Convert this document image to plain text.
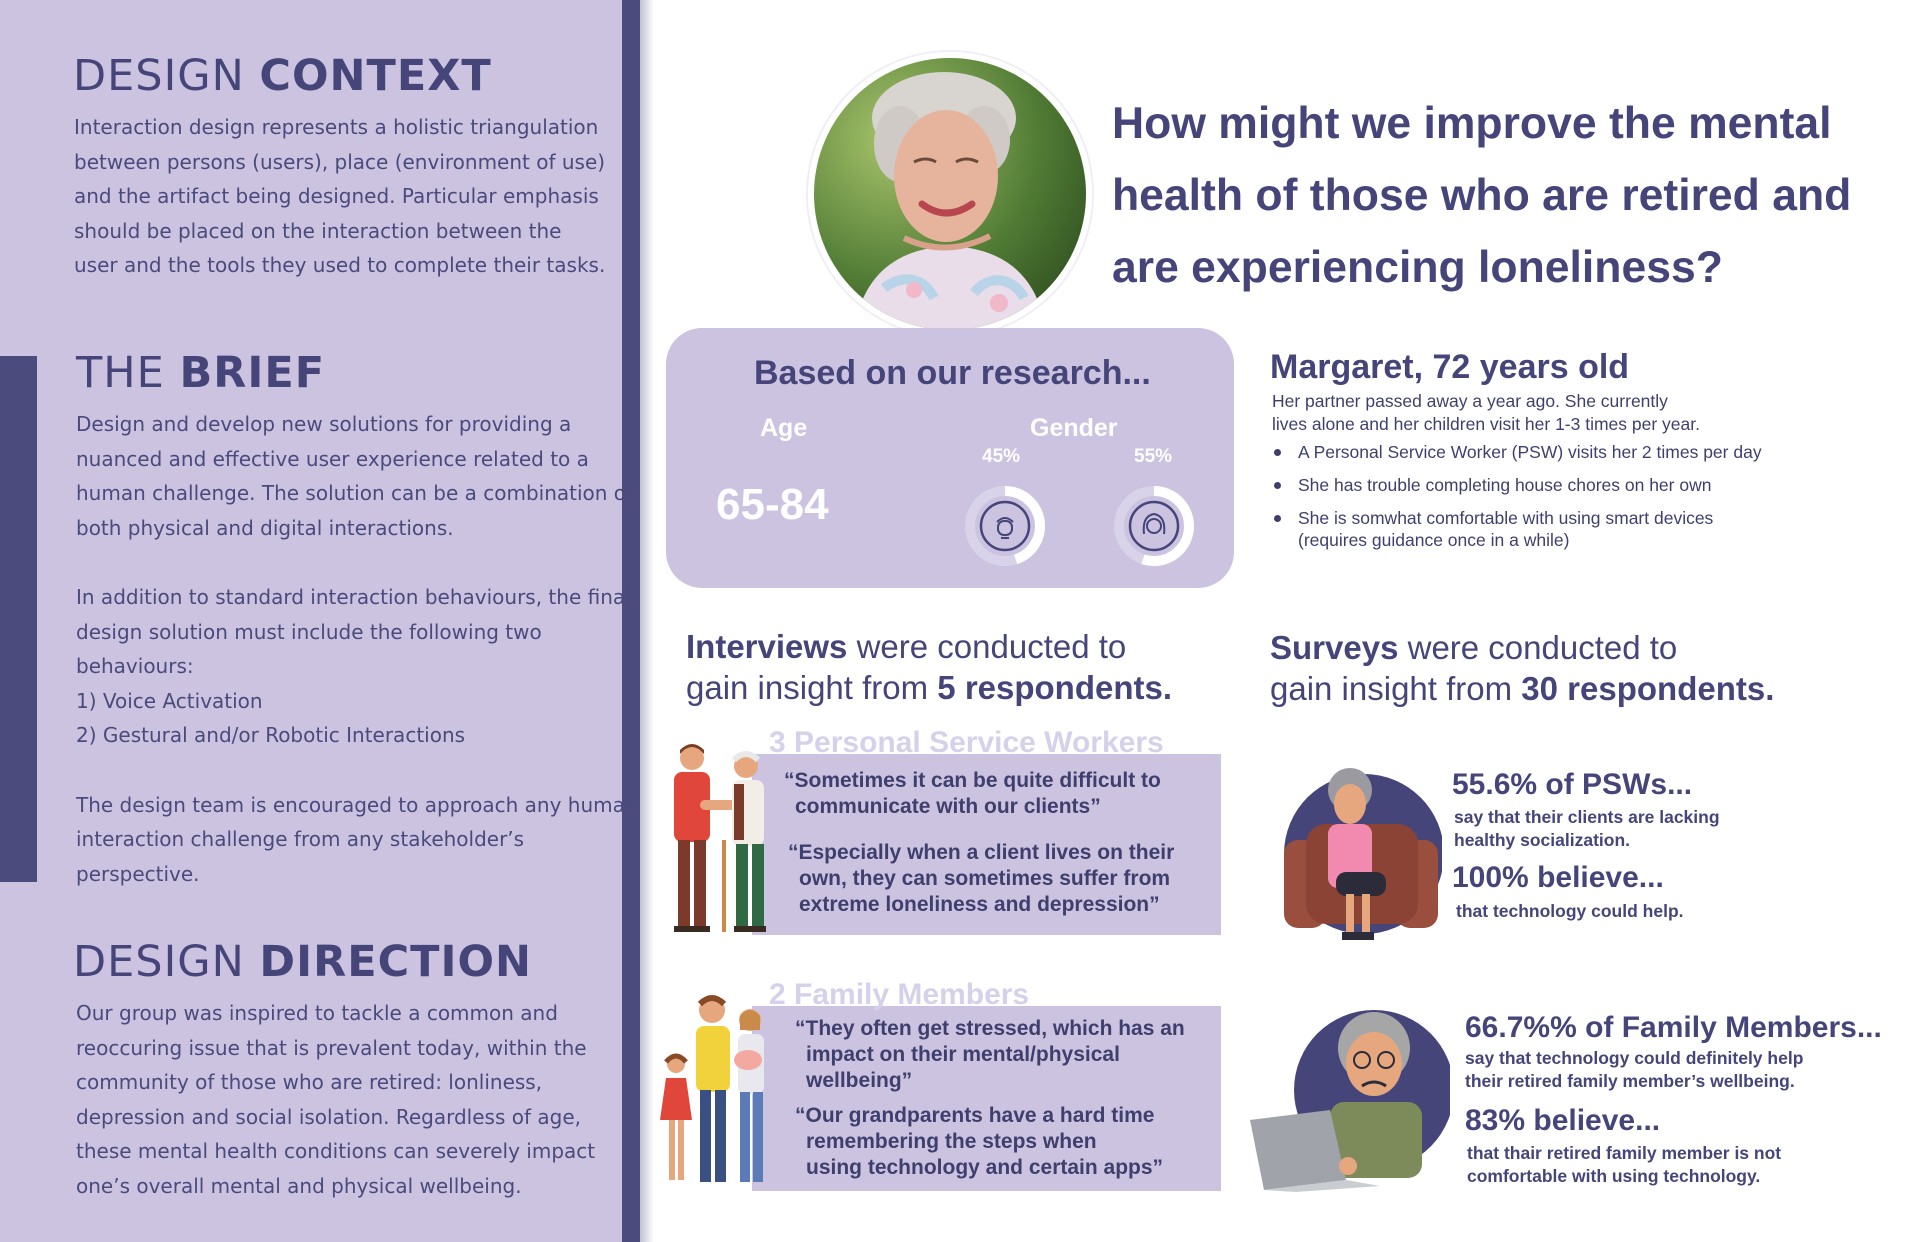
DESIGN CONTEXT
Interaction design represents a holistic triangulation
between persons (users), place (environment of use)
and the artifact being designed. Particular emphasis
should be placed on the interaction between the
user and the tools they used to complete their tasks.
THE BRIEF
Design and develop new solutions for providing a
nuanced and effective user experience related to a
human challenge. The solution can be a combination of
both physical and digital interactions.
In addition to standard interaction behaviours, the final
design solution must include the following two
behaviours:
1) Voice Activation
2) Gestural and/or Robotic Interactions
The design team is encouraged to approach any human
interaction challenge from any stakeholder’s
perspective.
DESIGN DIRECTION
Our group was inspired to tackle a common and
reoccuring issue that is prevalent today, within the
community of those who are retired: lonliness,
depression and social isolation. Regardless of age,
these mental health conditions can severely impact
one’s overall mental and physical wellbeing.
How might we improve the mental
health of those who are retired and
are experiencing loneliness?
Based on our research...
Age	Gender
65-84
45%	55%
Margaret, 72 years old
Her partner passed away a year ago. She currently
lives alone and her children visit her 1-3 times per year.
A Personal Service Worker (PSW) visits her 2 times per day
She has trouble completing house chores on her own
She is somwhat comfortable with using smart devices
(requires guidance once in a while)
Interviews were conducted to
gain insight from 5 respondents.
Surveys were conducted to
gain insight from 30 respondents.
3 Personal Service Workers
“Sometimes it can be quite difficult to
communicate with our clients”
“Especially when a client lives on their
own, they can sometimes suffer from
extreme loneliness and depression”
2 Family Members
“They often get stressed, which has an
impact on their mental/physical
wellbeing”
“Our grandparents have a hard time
remembering the steps when
using technology and certain apps”
55.6% of PSWs...
say that their clients are lacking
healthy socialization.
100% believe...
that technology could help.
66.7%% of Family Members...
say that technology could definitely help
their retired family member’s wellbeing.
83% believe...
that thair retired family member is not
comfortable with using technology.
